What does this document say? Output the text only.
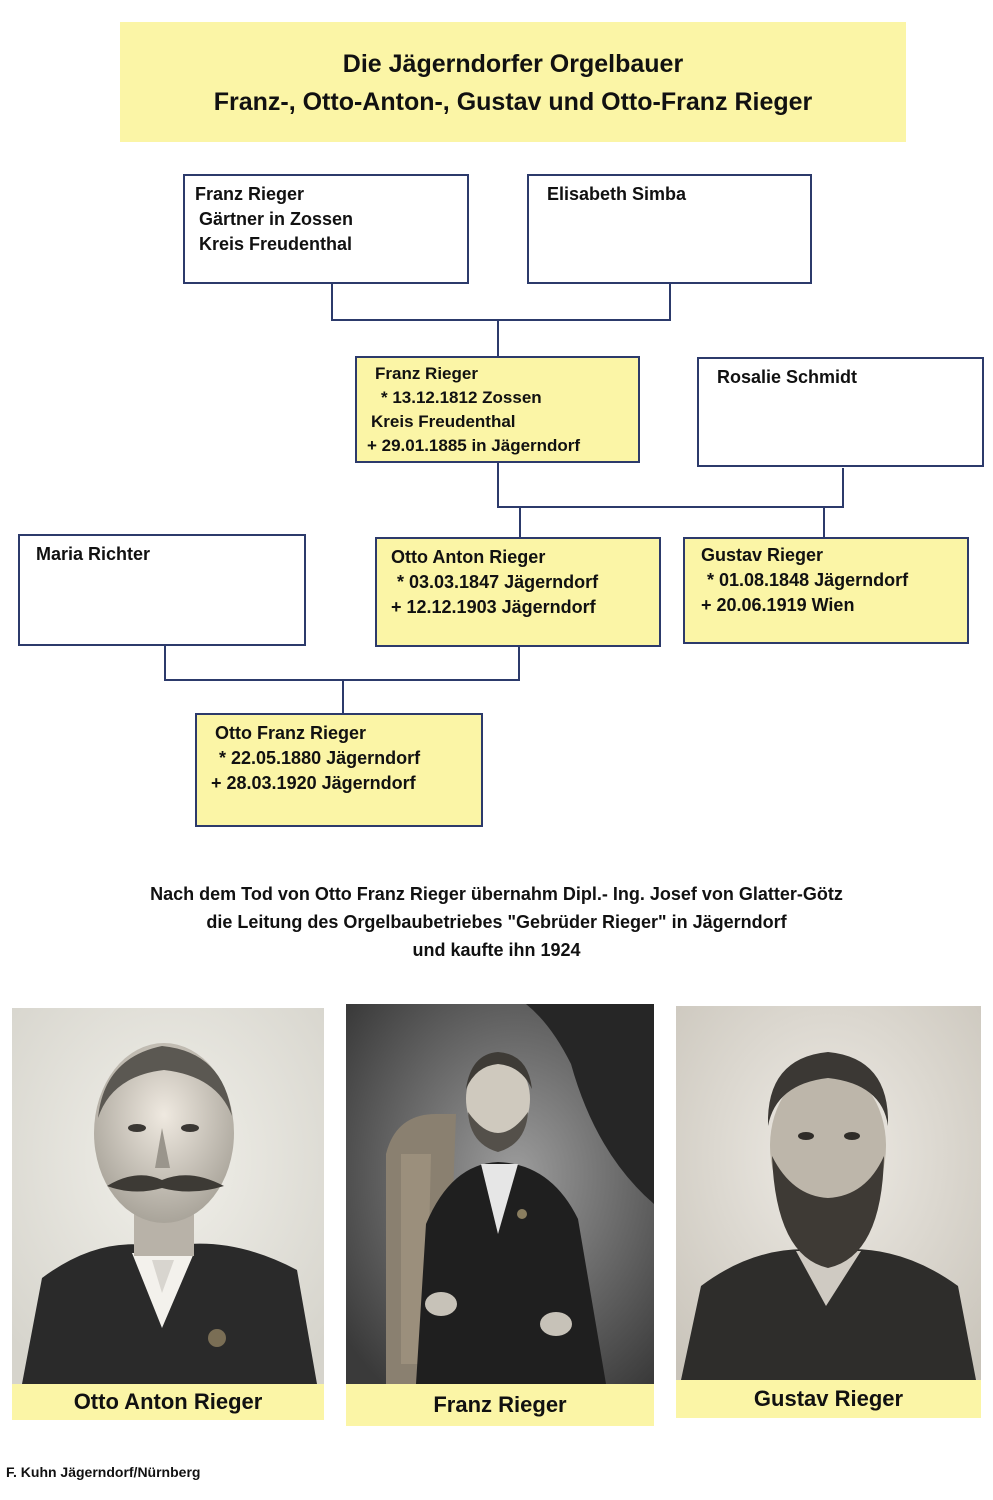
Die Jägerndorfer Orgelbauer
Franz-, Otto-Anton-, Gustav und Otto-Franz Rieger
Franz Rieger
Gärtner in Zossen
Kreis Freudenthal
Elisabeth Simba
Franz Rieger
* 13.12.1812 Zossen
Kreis Freudenthal
+ 29.01.1885 in Jägerndorf
Rosalie Schmidt
Maria Richter	Otto Anton Rieger
* 03.03.1847 Jägerndorf
+ 12.12.1903 Jägerndorf
Gustav Rieger
* 01.08.1848 Jägerndorf
+ 20.06.1919 Wien
Otto Franz Rieger
* 22.05.1880 Jägerndorf
+ 28.03.1920 Jägerndorf
Nach dem Tod von Otto Franz Rieger übernahm Dipl.- Ing. Josef von Glatter-Götz
die Leitung des Orgelbaubetriebes "Gebrüder Rieger" in Jägerndorf
und kaufte ihn 1924
Otto Anton Rieger	Franz Rieger	Gustav Rieger
F. Kuhn Jägerndorf/Nürnberg
